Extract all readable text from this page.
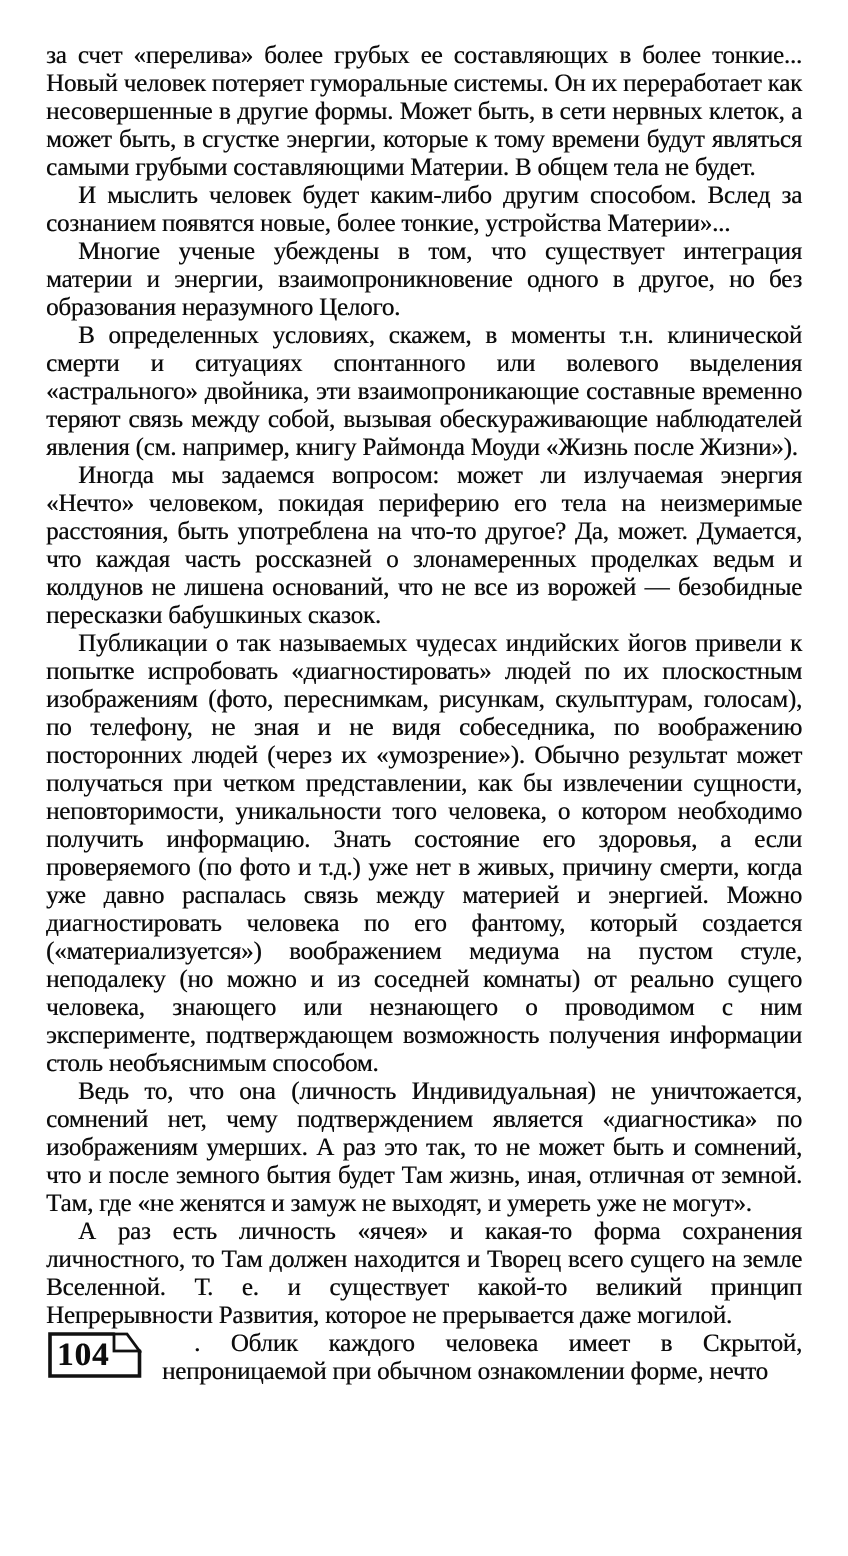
за счет «перелива» более грубых ее составляющих в более тонкие... Новый человек потеряет гуморальные системы. Он их переработает как несовершенные в другие формы. Может быть, в сети нервных клеток, а может быть, в сгустке энергии, которые к тому времени будут являться самыми грубыми составляющими Материи. В общем тела не будет.

И мыслить человек будет каким-либо другим способом. Вслед за сознанием появятся новые, более тонкие, устройства Материи»...

Многие ученые убеждены в том, что существует интеграция материи и энергии, взаимопроникновение одного в другое, но без образования неразумного Целого.

В определенных условиях, скажем, в моменты т.н. клинической смерти и ситуациях спонтанного или волевого выделения «астрального» двойника, эти взаимопроникающие составные временно теряют связь между собой, вызывая обескураживающие наблюдателей явления (см. например, книгу Раймонда Моуди «Жизнь после Жизни»).

Иногда мы задаемся вопросом: может ли излучаемая энергия «Нечто» человеком, покидая периферию его тела на неизмеримые расстояния, быть употреблена на что-то другое? Да, может. Думается, что каждая часть россказней о злонамеренных проделках ведьм и колдунов не лишена оснований, что не все из ворожей — безобидные пересказки бабушкиных сказок.

Публикации о так называемых чудесах индийских йогов привели к попытке испробовать «диагностировать» людей по их плоскостным изображениям (фото, переснимкам, рисункам, скульптурам, голосам), по телефону, не зная и не видя собеседника, по воображению посторонних людей (через их «умозрение»). Обычно результат может получаться при четком представлении, как бы извлечении сущности, неповторимости, уникальности того человека, о котором необходимо получить информацию. Знать состояние его здоровья, а если проверяемого (по фото и т.д.) уже нет в живых, причину смерти, когда уже давно распалась связь между материей и энергией. Можно диагностировать человека по его фантому, который создается («материализуется») воображением медиума на пустом стуле, неподалеку (но можно и из соседней комнаты) от реально сущего человека, знающего или незнающего о проводимом с ним эксперименте, подтверждающем возможность получения информации столь необъяснимым способом.

Ведь то, что она (личность Индивидуальная) не уничтожается, сомнений нет, чему подтверждением является «диагностика» по изображениям умерших. А раз это так, то не может быть и сомнений, что и после земного бытия будет Там жизнь, иная, отличная от земной. Там, где «не женятся и замуж не выходят, и умереть уже не могут».

А раз есть личность «ячея» и какая-то форма сохранения личностного, то Там должен находится и Творец всего сущего на земле Вселенной. Т. е. и существует какой-то великий принцип Непрерывности Развития, которое не прерывается даже могилой.

104	. Облик каждого человека имеет в Скрытой, непроницаемой при обычном ознакомлении форме, нечто
